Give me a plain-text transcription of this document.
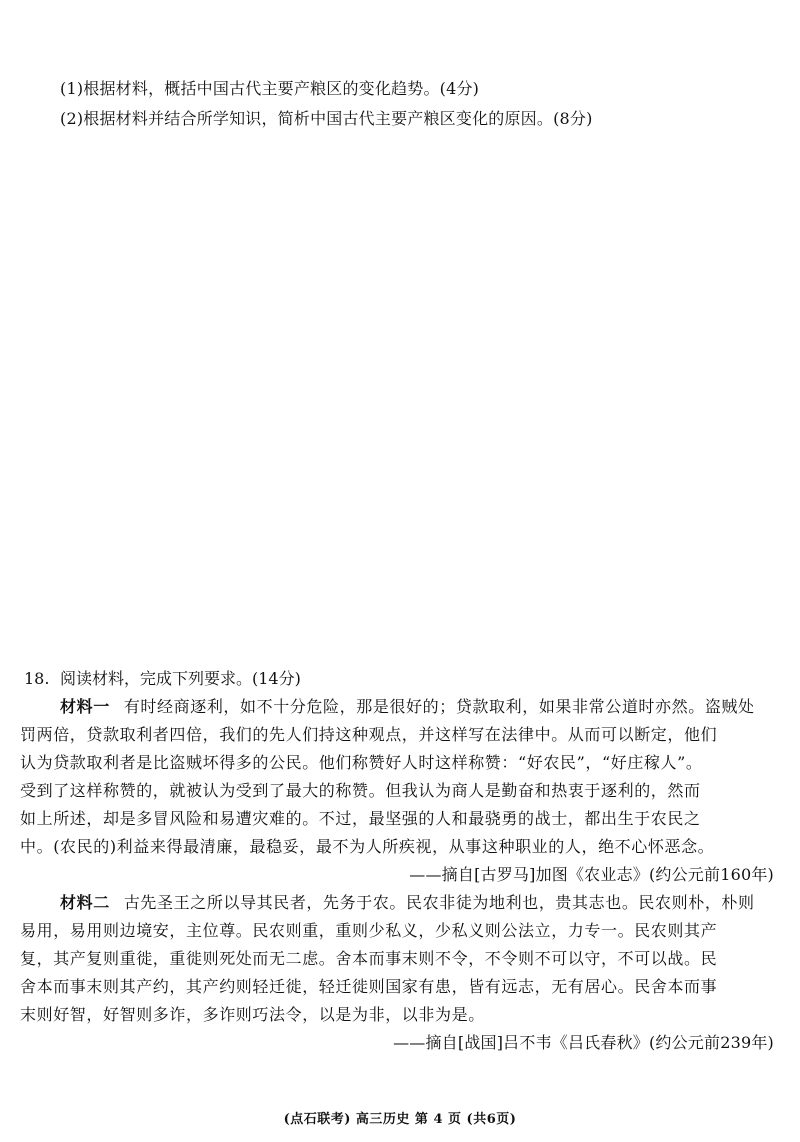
(1)根据材料，概括中国古代主要产粮区的变化趋势。(4分)
(2)根据材料并结合所学知识，简析中国古代主要产粮区变化的原因。(8分)
18. 阅读材料，完成下列要求。(14分)
材料一 有时经商逐利，如不十分危险，那是很好的；贷款取利，如果非常公道时亦然。盗贼处
罚两倍，贷款取利者四倍，我们的先人们持这种观点，并这样写在法律中。从而可以断定，他们
认为贷款取利者是比盗贼坏得多的公民。他们称赞好人时这样称赞：“好农民”，“好庄稼人”。
受到了这样称赞的，就被认为受到了最大的称赞。但我认为商人是勤奋和热衷于逐利的，然而
如上所述，却是多冒风险和易遭灾难的。不过，最坚强的人和最骁勇的战士，都出生于农民之
中。(农民的)利益来得最清廉，最稳妥，最不为人所疾视，从事这种职业的人，绝不心怀恶念。
——摘自[古罗马]加图《农业志》(约公元前160年)
材料二 古先圣王之所以导其民者，先务于农。民农非徒为地利也，贵其志也。民农则朴，朴则
易用，易用则边境安，主位尊。民农则重，重则少私义，少私义则公法立，力专一。民农则其产
复，其产复则重徙，重徙则死处而无二虑。舍本而事末则不令，不令则不可以守，不可以战。民
舍本而事末则其产约，其产约则轻迁徙，轻迁徙则国家有患，皆有远志，无有居心。民舍本而事
末则好智，好智则多诈，多诈则巧法令，以是为非，以非为是。
——摘自[战国]吕不韦《吕氏春秋》(约公元前239年)
(点石联考) 高三历史 第 4 页 (共6页)
